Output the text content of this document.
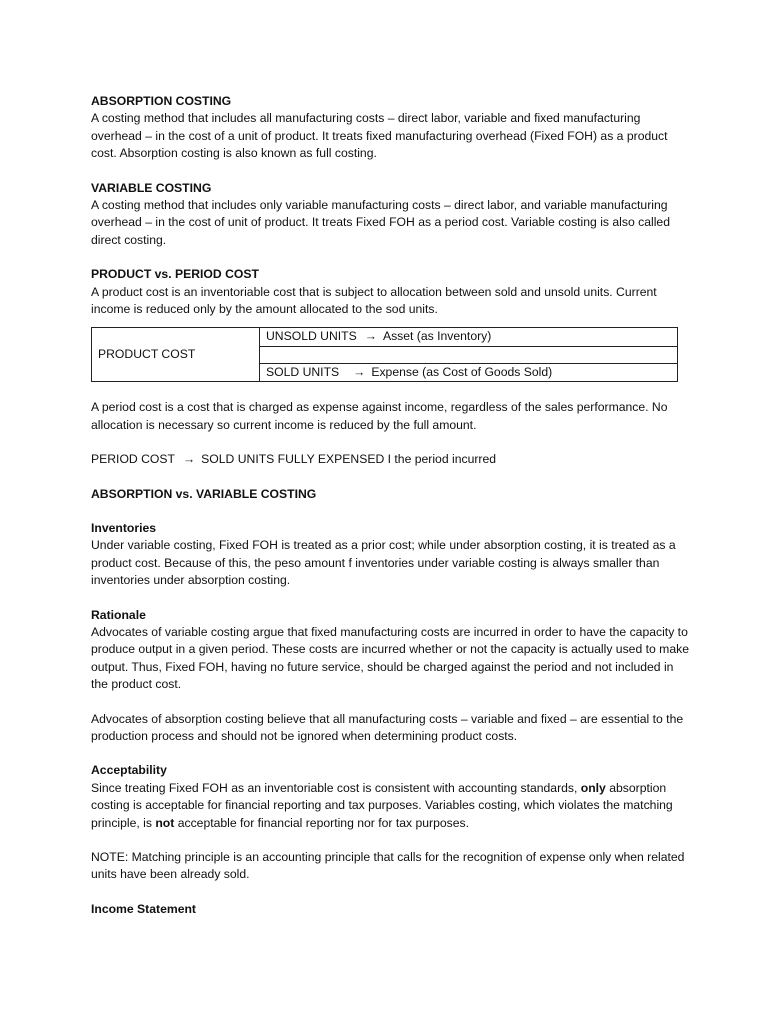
ABSORPTION COSTING

A costing method that includes all manufacturing costs – direct labor, variable and fixed manufacturing overhead – in the cost of a unit of product. It treats fixed manufacturing overhead (Fixed FOH) as a product cost. Absorption costing is also known as full costing.

VARIABLE COSTING

A costing method that includes only variable manufacturing costs – direct labor, and variable manufacturing overhead – in the cost of unit of product. It treats Fixed FOH as a period cost. Variable costing is also called direct costing.

PRODUCT vs. PERIOD COST

A product cost is an inventoriable cost that is subject to allocation between sold and unsold units. Current income is reduced only by the amount allocated to the sod units.

PRODUCT COST	UNSOLD UNITS → Asset (as Inventory)

SOLD UNITS → Expense (as Cost of Goods Sold)

A period cost is a cost that is charged as expense against income, regardless of the sales performance. No allocation is necessary so current income is reduced by the full amount.

PERIOD COST → SOLD UNITS FULLY EXPENSED I the period incurred

ABSORPTION vs. VARIABLE COSTING

Inventories

Under variable costing, Fixed FOH is treated as a prior cost; while under absorption costing, it is treated as a product cost. Because of this, the peso amount f inventories under variable costing is always smaller than inventories under absorption costing.

Rationale

Advocates of variable costing argue that fixed manufacturing costs are incurred in order to have the capacity to produce output in a given period. These costs are incurred whether or not the capacity is actually used to make output. Thus, Fixed FOH, having no future service, should be charged against the period and not included in the product cost.

Advocates of absorption costing believe that all manufacturing costs – variable and fixed – are essential to the production process and should not be ignored when determining product costs.

Acceptability

Since treating Fixed FOH as an inventoriable cost is consistent with accounting standards, only absorption costing is acceptable for financial reporting and tax purposes. Variables costing, which violates the matching principle, is not acceptable for financial reporting nor for tax purposes.

NOTE: Matching principle is an accounting principle that calls for the recognition of expense only when related units have been already sold.

Income Statement
